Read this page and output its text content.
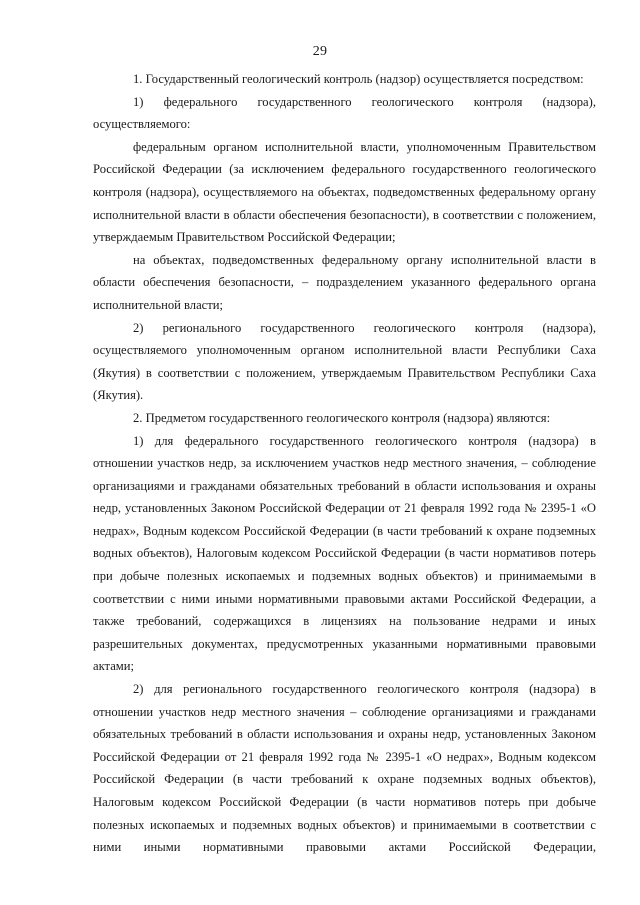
29

1. Государственный геологический контроль (надзор) осуществляется посредством:

1) федерального государственного геологического контроля (надзора), осуществляемого:

федеральным органом исполнительной власти, уполномоченным Правительством Российской Федерации (за исключением федерального государственного геологического контроля (надзора), осуществляемого на объектах, подведомственных федеральному органу исполнительной власти в области обеспечения безопасности), в соответствии с положением, утверждаемым Правительством Российской Федерации;

на объектах, подведомственных федеральному органу исполнительной власти в области обеспечения безопасности, – подразделением указанного федерального органа исполнительной власти;

2) регионального государственного геологического контроля (надзора), осуществляемого уполномоченным органом исполнительной власти Республики Саха (Якутия) в соответствии с положением, утверждаемым Правительством Республики Саха (Якутия).

2. Предметом государственного геологического контроля (надзора) являются:

1) для федерального государственного геологического контроля (надзора) в отношении участков недр, за исключением участков недр местного значения, – соблюдение организациями и гражданами обязательных требований в области использования и охраны недр, установленных Законом Российской Федерации от 21 февраля 1992 года № 2395-1 «О недрах», Водным кодексом Российской Федерации (в части требований к охране подземных водных объектов), Налоговым кодексом Российской Федерации (в части нормативов потерь при добыче полезных ископаемых и подземных водных объектов) и принимаемыми в соответствии с ними иными нормативными правовыми актами Российской Федерации, а также требований, содержащихся в лицензиях на пользование недрами и иных разрешительных документах, предусмотренных указанными нормативными правовыми актами;

2) для регионального государственного геологического контроля (надзора) в отношении участков недр местного значения – соблюдение организациями и гражданами обязательных требований в области использования и охраны недр, установленных Законом Российской Федерации от 21 февраля 1992 года № 2395-1 «О недрах», Водным кодексом Российской Федерации (в части требований к охране подземных водных объектов), Налоговым кодексом Российской Федерации (в части нормативов потерь при добыче полезных ископаемых и подземных водных объектов) и принимаемыми в соответствии с ними иными нормативными правовыми актами Российской Федерации,
